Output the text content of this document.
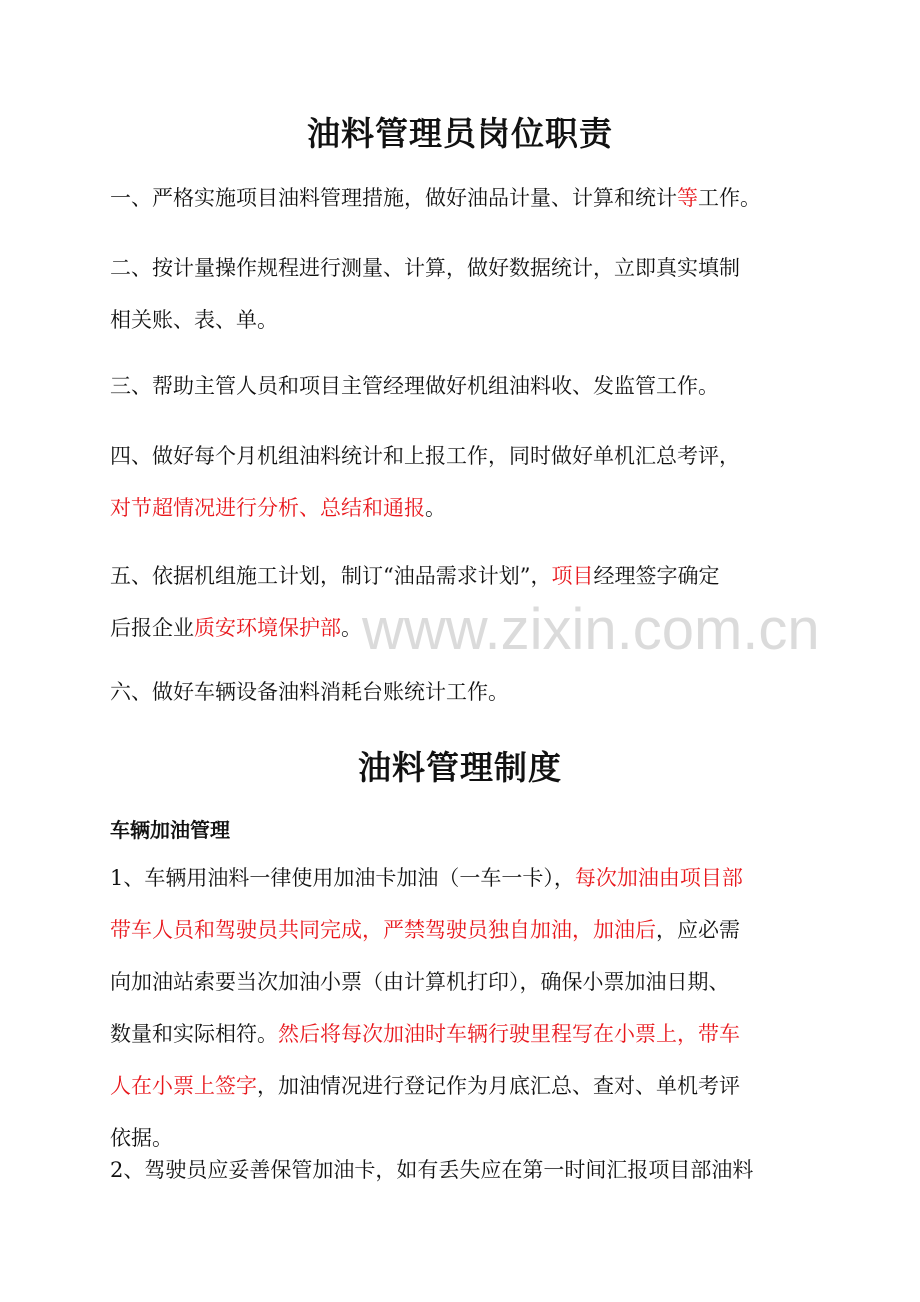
油料管理员岗位职责

一、严格实施项目油料管理措施，做好油品计量、计算和统计等工作。

二、按计量操作规程进行测量、计算，做好数据统计，立即真实填制
相关账、表、单。

三、帮助主管人员和项目主管经理做好机组油料收、发监管工作。

四、做好每个月机组油料统计和上报工作，同时做好单机汇总考评，
对节超情况进行分析、总结和通报。

五、依据机组施工计划，制订“油品需求计划”，项目经理签字确定
后报企业质安环境保护部。 www.zixin.com.cn

六、做好车辆设备油料消耗台账统计工作。

油料管理制度

车辆加油管理

1、车辆用油料一律使用加油卡加油（一车一卡），每次加油由项目部
带车人员和驾驶员共同完成，严禁驾驶员独自加油，加油后，应必需
向加油站索要当次加油小票（由计算机打印），确保小票加油日期、
数量和实际相符。然后将每次加油时车辆行驶里程写在小票上，带车
人在小票上签字，加油情况进行登记作为月底汇总、查对、单机考评
依据。

2、驾驶员应妥善保管加油卡，如有丢失应在第一时间汇报项目部油料
